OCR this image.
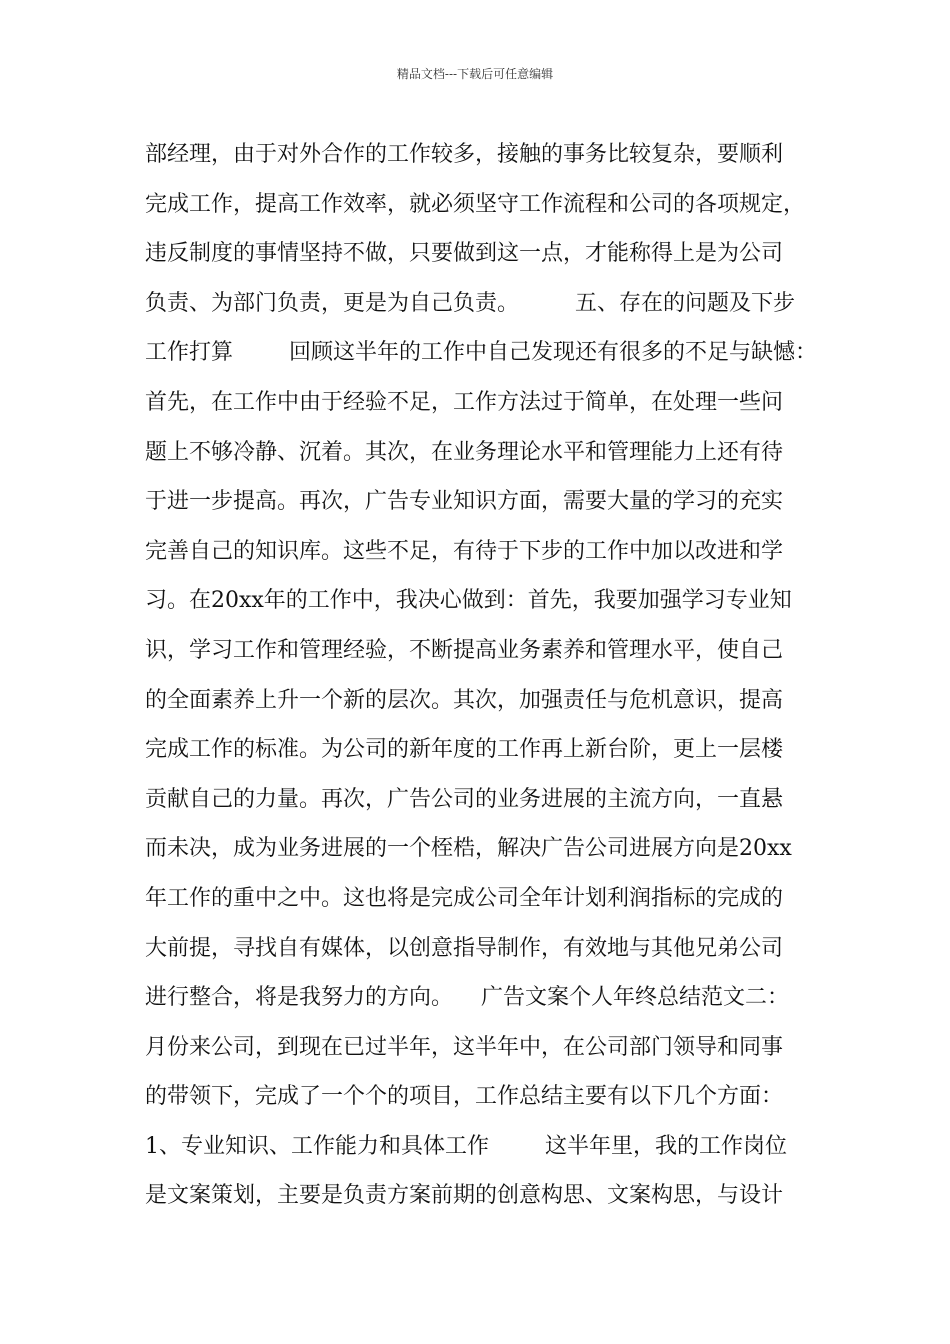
精品文档---下载后可任意编辑
部经理，由于对外合作的工作较多，接触的事务比较复杂，要顺利
完成工作，提高工作效率，就必须坚守工作流程和公司的各项规定，
违反制度的事情坚持不做，只要做到这一点，才能称得上是为公司
负责、为部门负责，更是为自己负责。        五、存在的问题及下步
工作打算        回顾这半年的工作中自己发现还有很多的不足与缺憾：
首先，在工作中由于经验不足，工作方法过于简单，在处理一些问
题上不够冷静、沉着。其次，在业务理论水平和管理能力上还有待
于进一步提高。再次，广告专业知识方面，需要大量的学习的充实
完善自己的知识库。这些不足，有待于下步的工作中加以改进和学
习。在20xx年的工作中，我决心做到：首先，我要加强学习专业知
识，学习工作和管理经验，不断提高业务素养和管理水平，使自己
的全面素养上升一个新的层次。其次，加强责任与危机意识，提高
完成工作的标准。为公司的新年度的工作再上新台阶，更上一层楼
贡献自己的力量。再次，广告公司的业务进展的主流方向，一直悬
而未决，成为业务进展的一个桎梏，解决广告公司进展方向是20xx
年工作的重中之中。这也将是完成公司全年计划利润指标的完成的
大前提，寻找自有媒体，以创意指导制作，有效地与其他兄弟公司
进行整合，将是我努力的方向。    广告文案个人年终总结范文二：
月份来公司，到现在已过半年，这半年中，在公司部门领导和同事
的带领下，完成了一个个的项目，工作总结主要有以下几个方面：
1、专业知识、工作能力和具体工作        这半年里，我的工作岗位
是文案策划，主要是负责方案前期的创意构思、文案构思，与设计
